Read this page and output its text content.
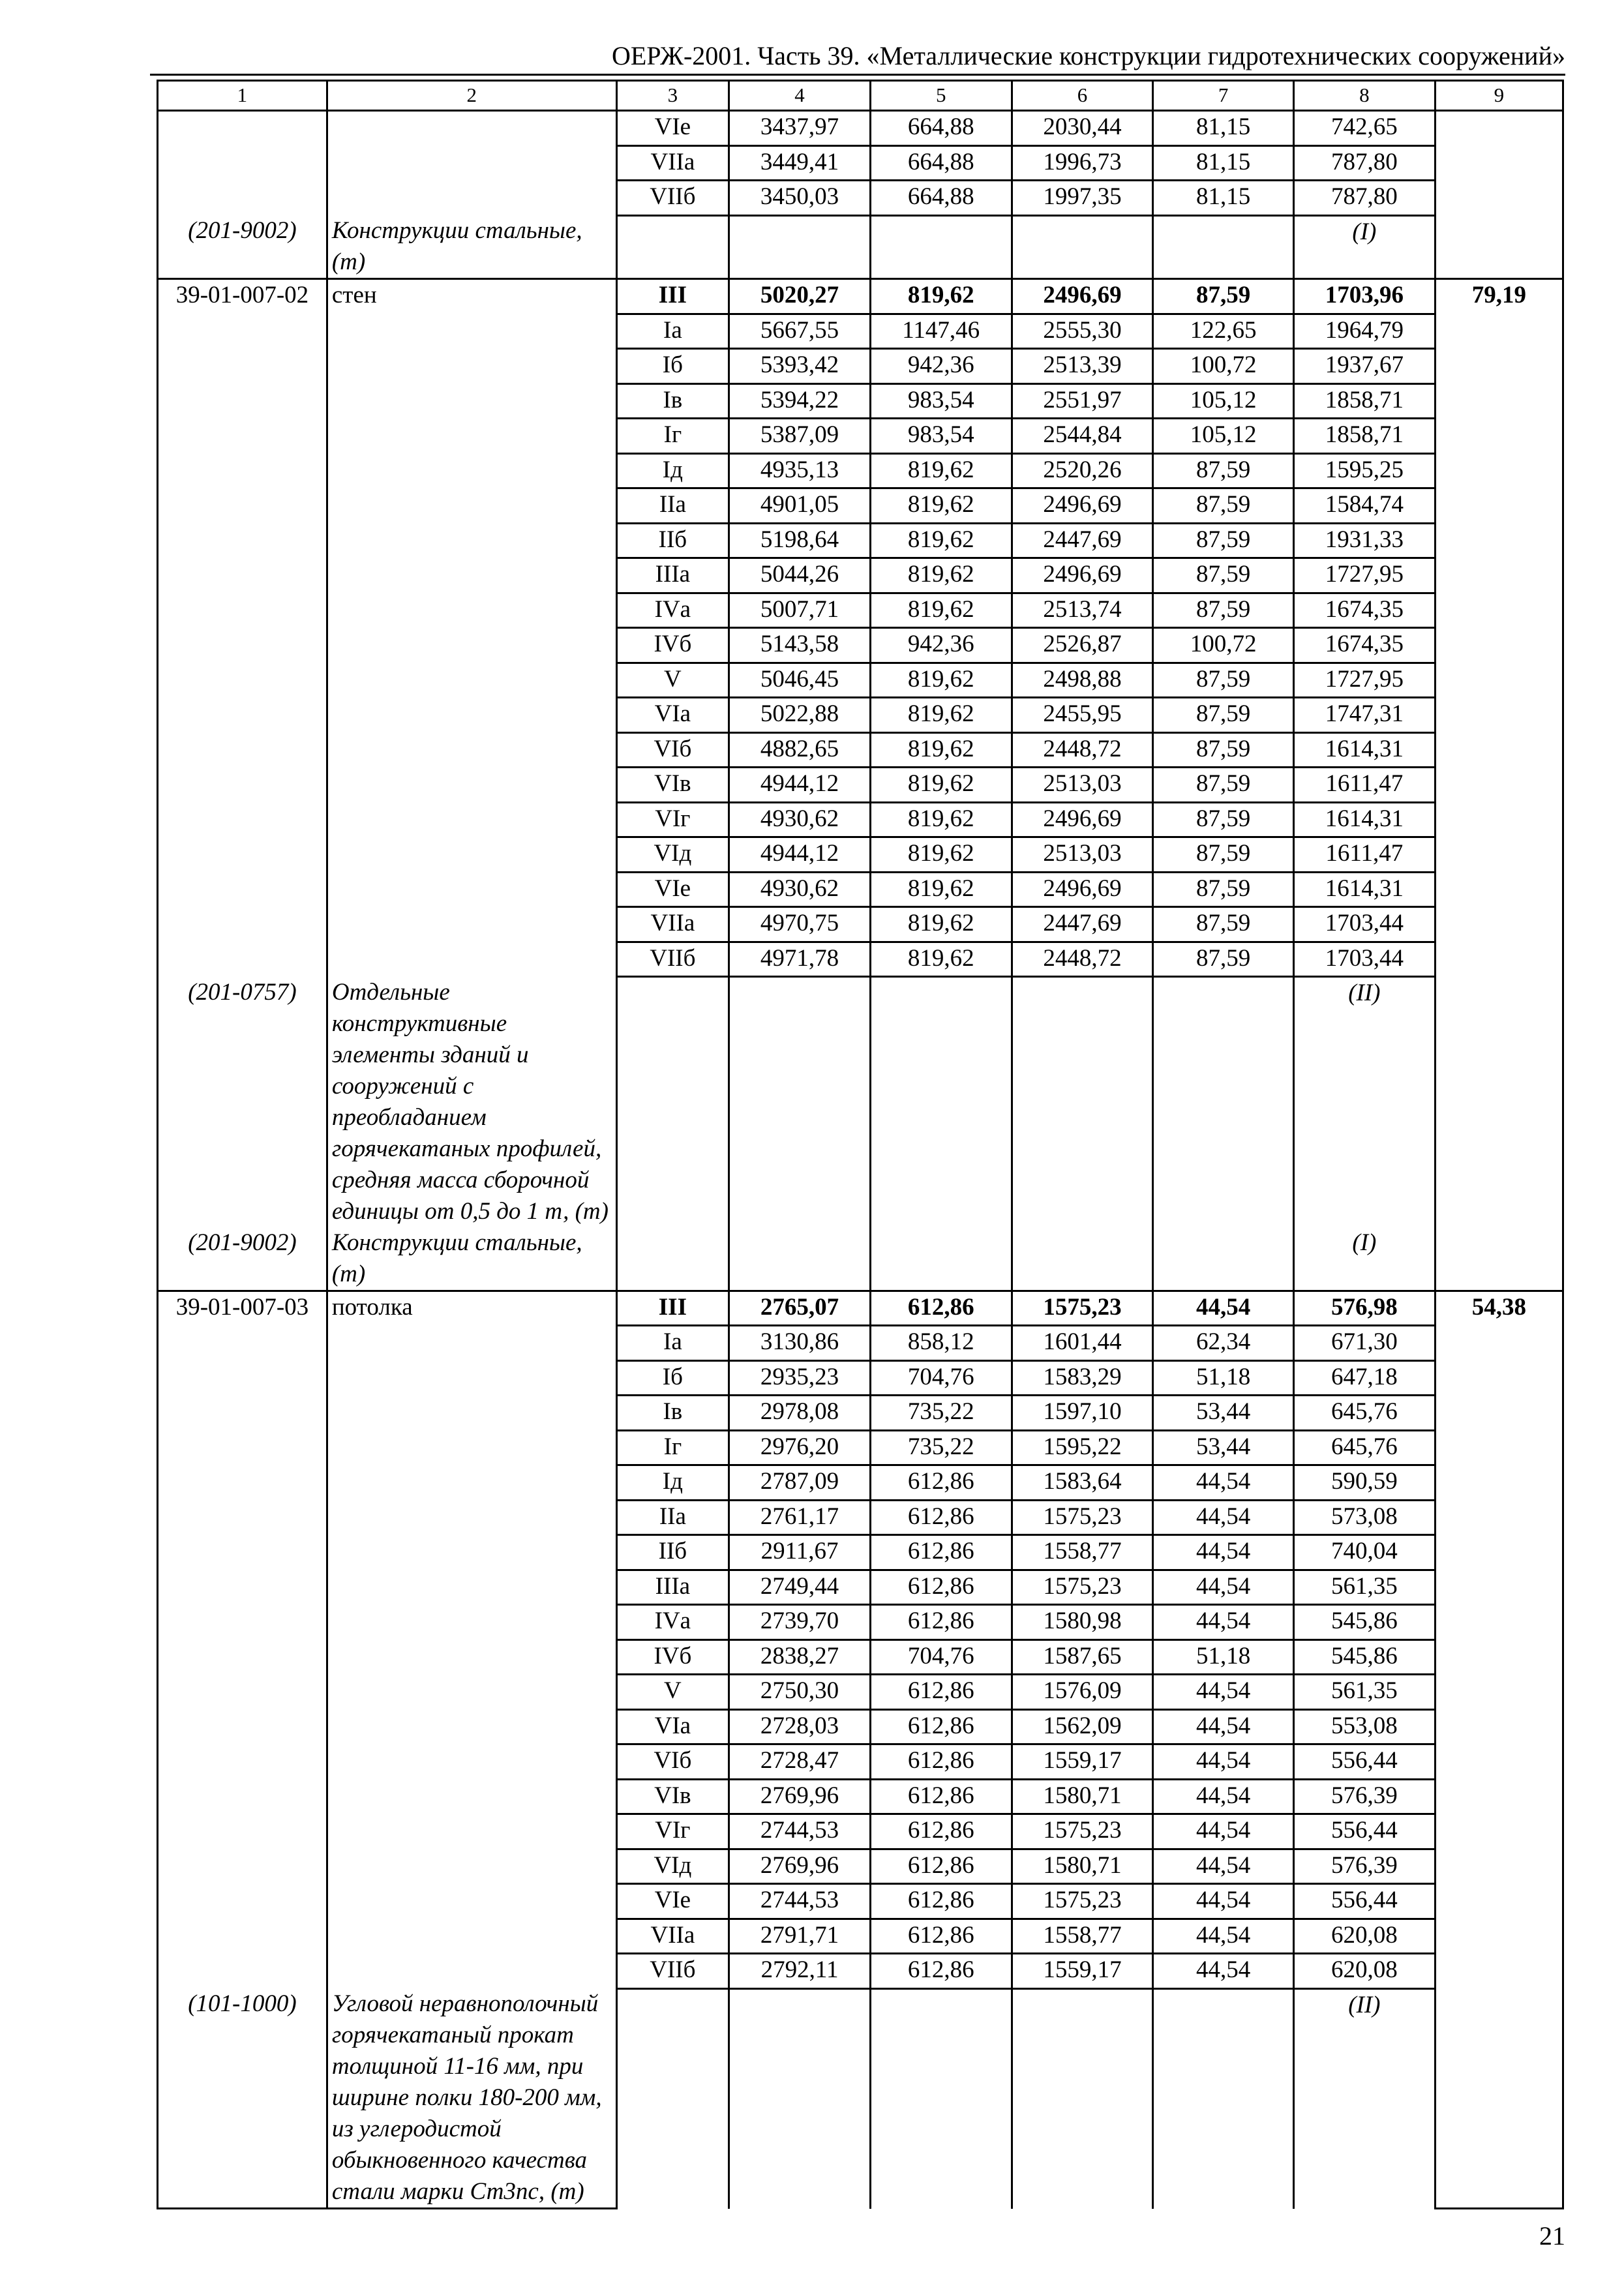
ОЕРЖ-2001. Часть 39. «Металлические конструкции гидротехнических сооружений»
1	2	3	4	5	6	7	8	9
		VIе	3437,97	664,88	2030,44	81,15	742,65	
		VIIа	3449,41	664,88	1996,73	81,15	787,80	
		VIIб	3450,03	664,88	1997,35	81,15	787,80	
(201-9002)	Конструкции стальные, (т)						(I)	
39-01-007-02	стен	III	5020,27	819,62	2496,69	87,59	1703,96	79,19
		Iа	5667,55	1147,46	2555,30	122,65	1964,79	
		Iб	5393,42	942,36	2513,39	100,72	1937,67	
		Iв	5394,22	983,54	2551,97	105,12	1858,71	
		Iг	5387,09	983,54	2544,84	105,12	1858,71	
		Iд	4935,13	819,62	2520,26	87,59	1595,25	
		IIа	4901,05	819,62	2496,69	87,59	1584,74	
		IIб	5198,64	819,62	2447,69	87,59	1931,33	
		IIIа	5044,26	819,62	2496,69	87,59	1727,95	
		IVа	5007,71	819,62	2513,74	87,59	1674,35	
		IVб	5143,58	942,36	2526,87	100,72	1674,35	
		V	5046,45	819,62	2498,88	87,59	1727,95	
		VIа	5022,88	819,62	2455,95	87,59	1747,31	
		VIб	4882,65	819,62	2448,72	87,59	1614,31	
		VIв	4944,12	819,62	2513,03	87,59	1611,47	
		VIг	4930,62	819,62	2496,69	87,59	1614,31	
		VIд	4944,12	819,62	2513,03	87,59	1611,47	
		VIе	4930,62	819,62	2496,69	87,59	1614,31	
		VIIа	4970,75	819,62	2447,69	87,59	1703,44	
		VIIб	4971,78	819,62	2448,72	87,59	1703,44	
(201-0757)	Отдельные конструктивные элементы зданий и сооружений с преобладанием горячекатаных профилей, средняя масса сборочной единицы от 0,5 до 1 т, (т)						(II)	
(201-9002)	Конструкции стальные, (т)						(I)	
39-01-007-03	потолка	III	2765,07	612,86	1575,23	44,54	576,98	54,38
		Iа	3130,86	858,12	1601,44	62,34	671,30	
		Iб	2935,23	704,76	1583,29	51,18	647,18	
		Iв	2978,08	735,22	1597,10	53,44	645,76	
		Iг	2976,20	735,22	1595,22	53,44	645,76	
		Iд	2787,09	612,86	1583,64	44,54	590,59	
		IIа	2761,17	612,86	1575,23	44,54	573,08	
		IIб	2911,67	612,86	1558,77	44,54	740,04	
		IIIа	2749,44	612,86	1575,23	44,54	561,35	
		IVа	2739,70	612,86	1580,98	44,54	545,86	
		IVб	2838,27	704,76	1587,65	51,18	545,86	
		V	2750,30	612,86	1576,09	44,54	561,35	
		VIа	2728,03	612,86	1562,09	44,54	553,08	
		VIб	2728,47	612,86	1559,17	44,54	556,44	
		VIв	2769,96	612,86	1580,71	44,54	576,39	
		VIг	2744,53	612,86	1575,23	44,54	556,44	
		VIд	2769,96	612,86	1580,71	44,54	576,39	
		VIе	2744,53	612,86	1575,23	44,54	556,44	
		VIIа	2791,71	612,86	1558,77	44,54	620,08	
		VIIб	2792,11	612,86	1559,17	44,54	620,08	
(101-1000)	Угловой неравнополочный горячекатаный прокат толщиной 11-16 мм, при ширине полки 180-200 мм, из углеродистой обыкновенного качества стали марки Ст3пс, (т)						(II)	
21
